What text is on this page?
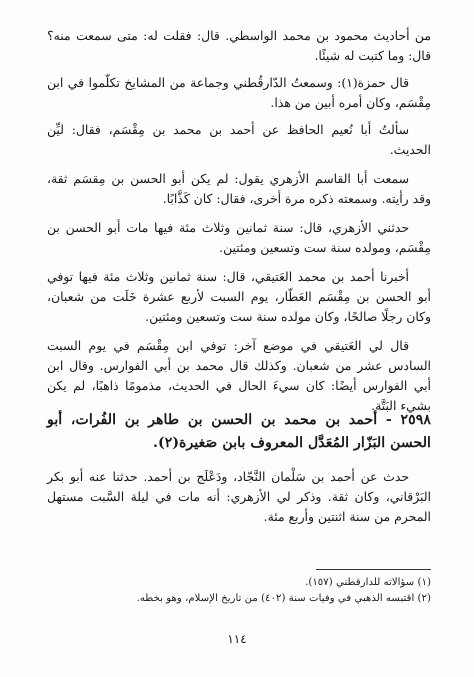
من أحاديث محمود بن محمد الواسطي. قال: فقلت له: متى سمعت منه؟ قال: وما كتبت له شيئًا.

قال حمزة(١): وسمعتُ الدّارقُطني وجماعة من المشايخ تكلّموا في ابن مِقْسَم، وكان أمره أبين من هذا.

سألتُ أبا نُعيم الحافظ عن أحمد بن محمد بن مِقْسَم، فقال: ليِّن الحديث.

سمعت أبا القاسم الأزهري يقول: لم يكن أبو الحسن بن مِقسَم ثقة، وقد رأيته. وسمعته ذكره مرة أخرى، فقال: كان كَذَّابًا.

حدثني الأزهري، قال: سنة ثمانين وثلاث مئة فيها مات أبو الحسن بن مِقْسَم، ومولده سنة ست وتسعين ومئتين.

أخبرنا أحمد بن محمد العَتيقي، قال: سنة ثمانين وثلاث مئة فيها توفي أبو الحسن بن مِقْسَم العَطّار، يوم السبت لأربع عشرة خَلَت من شعبان، وكان رجلًا صالحًا، وكان مولده سنة ست وتسعين ومئتين.

قال لي العَتيقي في موضع آخر: توفي ابن مِقْسَم في يوم السبت السادس عشر من شعبان. وكذلك قال محمد بن أبي الفوارس. وقال ابن أبي الفوارس أيضًا: كان سيءَ الحال في الحديث، مذمومًا ذاهبًا، لم يكن بشيء البَتَّة.

٢٥٩٨ - أحمد بن محمد بن الحسن بن طاهر بن الفُرات، أبو الحسن البَزّار المُعَدَّل المعروف بابن صَغيرة(٢).

حدث عن أحمد بن سَلْمان النَّجّاد، ودَعْلَج بن أحمد. حدثنا عنه أبو بكر البَرْقاني، وكان ثقة. وذكر لي الأزهري: أنه مات في ليلة السَّبت مستهل المحرم من سنة اثنتين وأربع مئة.

(١) سؤالاته للدارقطني (١٥٧).

(٢) اقتبسه الذهبي في وفيات سنة (٤٠٢) من تاريخ الإسلام، وهو بخطه.

١١٤
